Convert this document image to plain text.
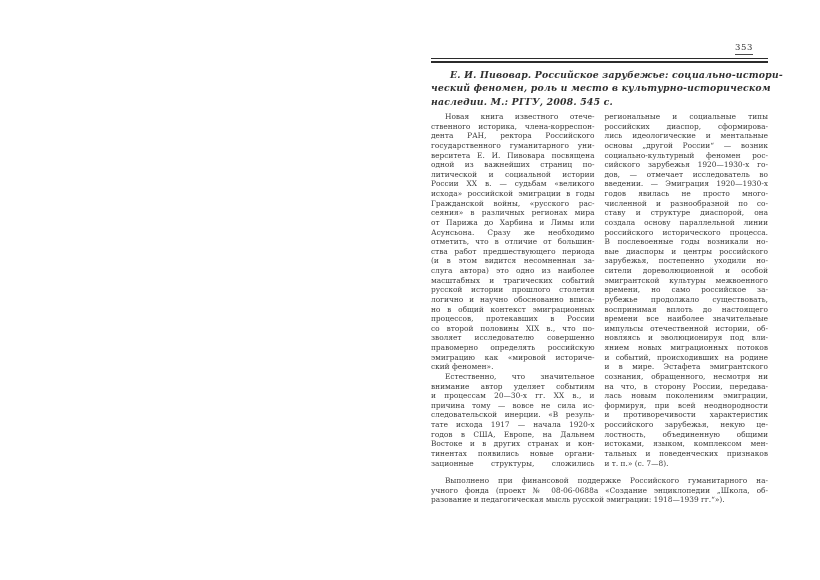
353
Е. И. Пивовар. Российское зарубежье: социально-истори-
ческий феномен, роль и место в культурно-историческом
наследии. М.: РГГУ, 2008. 545 с.
Новая книга известного отече-
ственного историка, члена-корреспон-
дента РАН, ректора Российского
государственного гуманитарного уни-
верситета Е. И. Пивовара посвящена
одной из важнейших страниц по-
литической и социальной истории
России XX в. — судьбам «великого
исхода» российской эмиграции в годы
Гражданской войны, «русского рас-
сеяния» в различных регионах мира
от Парижа до Харбина и Лимы или
Асунсьона. Сразу же необходимо
отметить, что в отличие от большин-
ства работ предшествующего периода
(и в этом видится несомненная за-
слуга автора) это одно из наиболее
масштабных и трагических событий
русской истории прошлого столетия
логично и научно обоснованно вписа-
но в общий контекст эмиграционных
процессов, протекавших в России
со второй половины XIX в., что по-
зволяет исследователю совершенно
правомерно определять российскую
эмиграцию как «мировой историче-
ский феномен».
Естественно, что значительное
внимание автор уделяет событиям
и процессам 20—30-х гг. XX в., и
причина тому — вовсе не сила ис-
следовательской инерции. «В резуль-
тате исхода 1917 — начала 1920-х
годов в США, Европе, на Дальнем
Востоке и в других странах и кон-
тинентах появились новые органи-
зационные структуры, сложились
региональные и социальные типы
российских диаспор, сформирова-
лись идеологические и ментальные
основы „другой России“ — возник
социально-культурный феномен рос-
сийского зарубежья 1920—1930-х го-
дов, — отмечает исследователь во
введении. — Эмиграция 1920—1930-х
годов явилась не просто много-
численной и разнообразной по со-
ставу и структуре диаспорой, она
создала основу параллельной линии
российского исторического процесса.
В послевоенные годы возникали но-
вые диаспоры и центры российского
зарубежья, постепенно уходили но-
сители дореволюционной и особой
эмигрантской культуры межвоенного
времени, но само российское за-
рубежье продолжало существовать,
воспринимая вплоть до настоящего
времени все наиболее значительные
импульсы отечественной истории, об-
новляясь и эволюционируя под вли-
янием новых миграционных потоков
и событий, происходивших на родине
и в мире. Эстафета эмигрантского
сознания, обращенного, несмотря ни
на что, в сторону России, передава-
лась новым поколениям эмиграции,
формируя, при всей неоднородности
и противоречивости характеристик
российского зарубежья, некую це-
лостность, объединенную общими
истоками, языком, комплексом мен-
тальных и поведенческих признаков
и т. п.» (с. 7—8).
Выполнено при финансовой поддержке Российского гуманитарного на-
учного фонда (проект № 08-06-0688а «Создание энциклопедии „Школа, об-
разование и педагогическая мысль русской эмиграции: 1918—1939 гг.“»).
